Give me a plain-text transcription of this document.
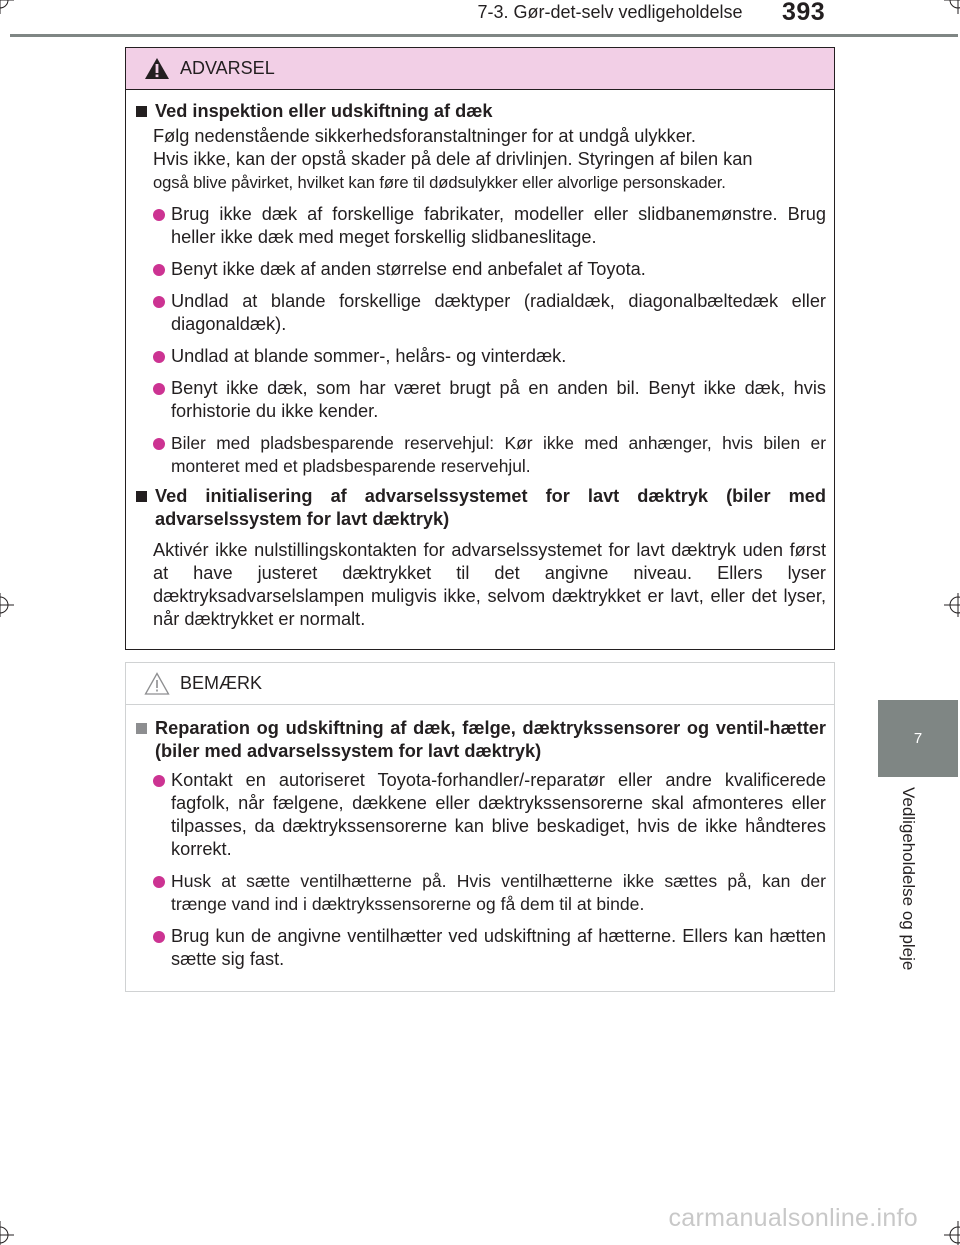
7-3. Gør-det-selv vedligeholdelse	393
7
Vedligeholdelse og pleje
ADVARSEL
Ved inspektion eller udskiftning af dæk
Følg nedenstående sikkerhedsforanstaltninger for at undgå ulykker.
Hvis ikke, kan der opstå skader på dele af drivlinjen. Styringen af bilen kan
også blive påvirket, hvilket kan føre til dødsulykker eller alvorlige personskader.
Brug ikke dæk af forskellige fabrikater, modeller eller slidbanemønstre. Brug heller ikke dæk med meget forskellig slidbaneslitage.
Benyt ikke dæk af anden størrelse end anbefalet af Toyota.
Undlad at blande forskellige dæktyper (radialdæk, diagonalbæltedæk eller diagonaldæk).
Undlad at blande sommer-, helårs- og vinterdæk.
Benyt ikke dæk, som har været brugt på en anden bil. Benyt ikke dæk, hvis forhistorie du ikke kender.
Biler med pladsbesparende reservehjul: Kør ikke med anhænger, hvis bilen er monteret med et pladsbesparende reservehjul.
Ved initialisering af advarselssystemet for lavt dæktryk (biler med advarselssystem for lavt dæktryk)
Aktivér ikke nulstillingskontakten for advarselssystemet for lavt dæktryk uden først at have justeret dæktrykket til det angivne niveau. Ellers lyser dæktryksadvarselslampen muligvis ikke, selvom dæktrykket er lavt, eller det lyser, når dæktrykket er normalt.
BEMÆRK
Reparation og udskiftning af dæk, fælge, dæktrykssensorer og ventil-hætter (biler med advarselssystem for lavt dæktryk)
Kontakt en autoriseret Toyota-forhandler/-reparatør eller andre kvalificerede fagfolk, når fælgene, dækkene eller dæktrykssensorerne skal afmonteres eller tilpasses, da dæktrykssensorerne kan blive beskadiget, hvis de ikke håndteres korrekt.
Husk at sætte ventilhætterne på. Hvis ventilhætterne ikke sættes på, kan der trænge vand ind i dæktrykssensorerne og få dem til at binde.
Brug kun de angivne ventilhætter ved udskiftning af hætterne. Ellers kan hætten sætte sig fast.
carmanualsonline.info
